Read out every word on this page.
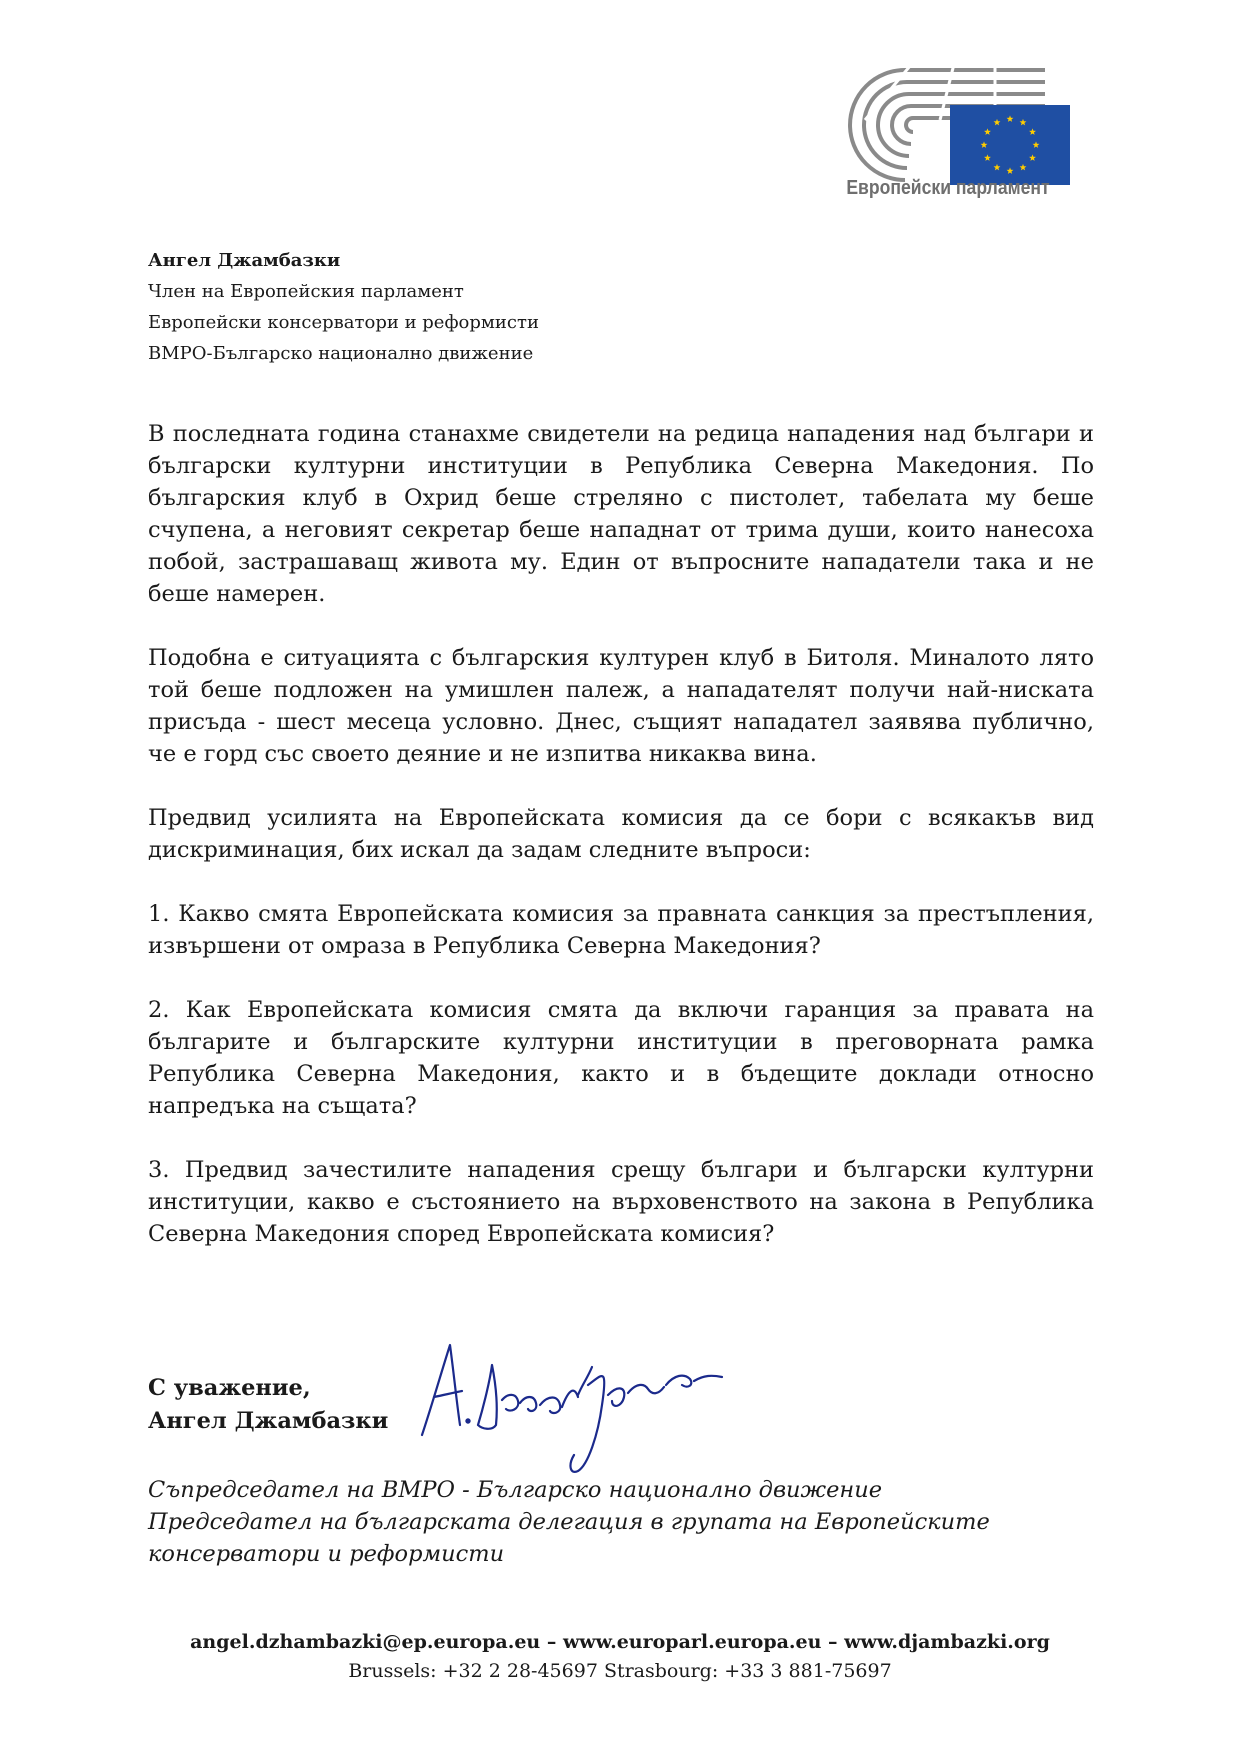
Европейски парламент
Ангел Джамбазки
Член на Европейския парламент
Европейски консерватори и реформисти
ВМРО-Българско национално движение

В последната година станахме свидетели на редица нападения над българи и български културни институции в Република Северна Македония. По българския клуб в Охрид беше стреляно с пистолет, табелата му беше счупена, а неговият секретар беше нападнат от трима души, които нанесоха побой, застрашаващ живота му. Един от въпросните нападатели така и не беше намерен.

Подобна е ситуацията с българския културен клуб в Битоля. Миналото лято той беше подложен на умишлен палеж, а нападателят получи най-ниската присъда - шест месеца условно. Днес, същият нападател заявява публично, че е горд със своето деяние и не изпитва никаква вина.

Предвид усилията на Европейската комисия да се бори с всякакъв вид дискриминация, бих искал да задам следните въпроси:

1. Какво смята Европейската комисия за правната санкция за престъпления, извършени от омраза в Република Северна Македония?

2. Как Европейската комисия смята да включи гаранция за правата на българите и българските културни институции в преговорната рамка Република Северна Македония, както и в бъдещите доклади относно напредъка на същата?

3. Предвид зачестилите нападения срещу българи и български културни институции, какво е състоянието на върховенството на закона в Република Северна Македония според Европейската комисия?

С уважение,
Ангел Джамбазки
Съпредседател на ВМРО - Българско национално движение
Председател на българската делегация в групата на Европейските
консерватори и реформисти
angel.dzhambazki@ep.europa.eu – www.europarl.europa.eu – www.djambazki.org
Brussels: +32 2 28-45697 Strasbourg: +33 3 881-75697
